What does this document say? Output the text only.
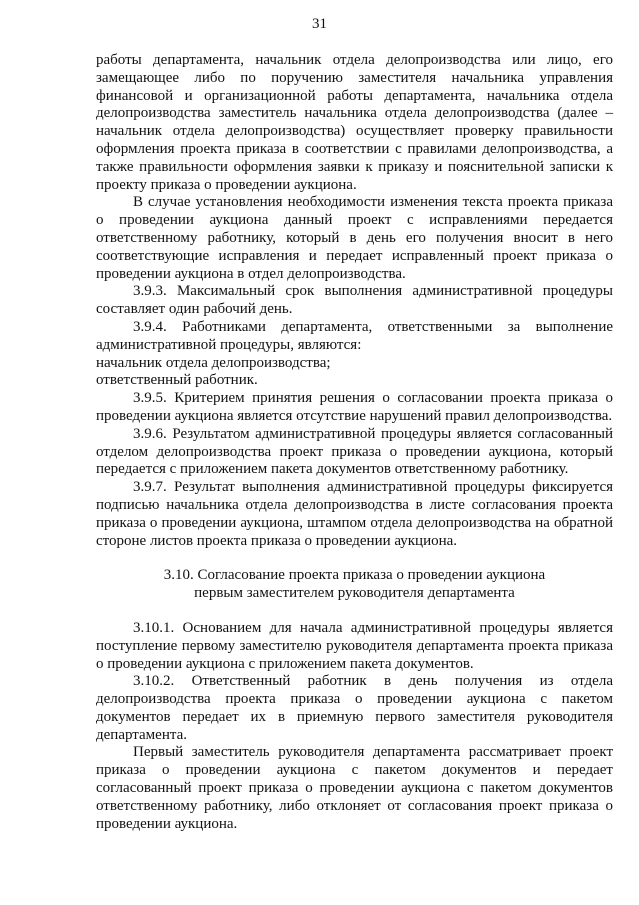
31

работы департамента, начальник отдела делопроизводства или лицо, его замещающее либо по поручению заместителя начальника управления финансовой и организационной работы департамента, начальника отдела делопроизводства заместитель начальника отдела делопроизводства (далее – начальник отдела делопроизводства) осуществляет проверку правильности оформления проекта приказа в соответствии с правилами делопроизводства, а также правильности оформления заявки к приказу и пояснительной записки к проекту приказа о проведении аукциона.

В случае установления необходимости изменения текста проекта приказа о проведении аукциона данный проект с исправлениями передается ответственному работнику, который в день его получения вносит в него соответствующие исправления и передает исправленный проект приказа о проведении аукциона в отдел делопроизводства.

3.9.3. Максимальный срок выполнения административной процедуры составляет один рабочий день.

3.9.4. Работниками департамента, ответственными за выполнение административной процедуры, являются:

начальник отдела делопроизводства;

ответственный работник.

3.9.5. Критерием принятия решения о согласовании проекта приказа о проведении аукциона является отсутствие нарушений правил делопроизводства.

3.9.6. Результатом административной процедуры является согласованный отделом делопроизводства проект приказа о проведении аукциона, который передается с приложением пакета документов ответственному работнику.

3.9.7. Результат выполнения административной процедуры фиксируется подписью начальника отдела делопроизводства в листе согласования проекта приказа о проведении аукциона, штампом отдела делопроизводства на обратной стороне листов проекта приказа о проведении аукциона.

3.10. Согласование проекта приказа о проведении аукциона
первым заместителем руководителя департамента

3.10.1. Основанием для начала административной процедуры является поступление первому заместителю руководителя департамента проекта приказа о проведении аукциона с приложением пакета документов.

3.10.2. Ответственный работник в день получения из отдела делопроизводства проекта приказа о проведении аукциона с пакетом документов передает их в приемную первого заместителя руководителя департамента.

Первый заместитель руководителя департамента рассматривает проект приказа о проведении аукциона с пакетом документов и передает согласованный проект приказа о проведении аукциона с пакетом документов ответственному работнику, либо отклоняет от согласования проект приказа о проведении аукциона.
